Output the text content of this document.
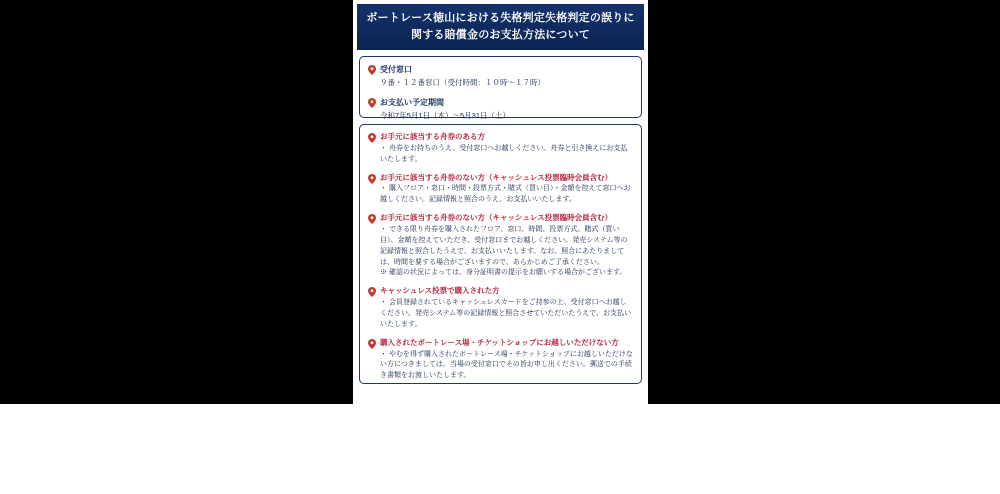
ボートレース徳山における失格判定失格判定の誤りに関する賠償金のお支払方法について

受付窓口

９番・１２番窓口（受付時間：１０時〜１７時）

お支払い予定期間

令和7年5月1日（木）〜5月31日（土）

お手元に該当する舟券のある方

・ 舟券をお持ちのうえ、受付窓口へお越しください。舟券と引き換えにお支払いたします。

お手元に該当する舟券のない方（キャッシュレス投票臨時会員含む）

・ 購入フロア・窓口・時間・投票方式・賭式（買い目）・金額を控えて窓口へお越しください。記録情報と照合のうえ、お支払いいたします。

お手元に該当する舟券のない方（キャッシュレス投票臨時会員含む）

・ できる限り舟券を購入されたフロア、窓口、時間、投票方式、賭式（買い目）、金額を控えていただき、受付窓口までお越しください。発売システム等の記録情報と照合したうえで、お支払いいたします。なお、照合にあたりましては、時間を要する場合がございますので、あらかじめご了承ください。

※ 確認の状況によっては、身分証明書の提示をお願いする場合がございます。

キャッシュレス投票で購入された方

・ 会員登録されているキャッシュレスカードをご持参の上、受付窓口へお越しください。発売システム等の記録情報と照合させていただいたうえで、お支払いいたします。

購入されたボートレース場・チケットショップにお越しいただけない方

・ やむを得ず購入されたボートレース場・チケットショップにお越しいただけない方につきましては、当場の受付窓口でその旨お申し出ください。郵送での手続き書類をお渡しいたします。
